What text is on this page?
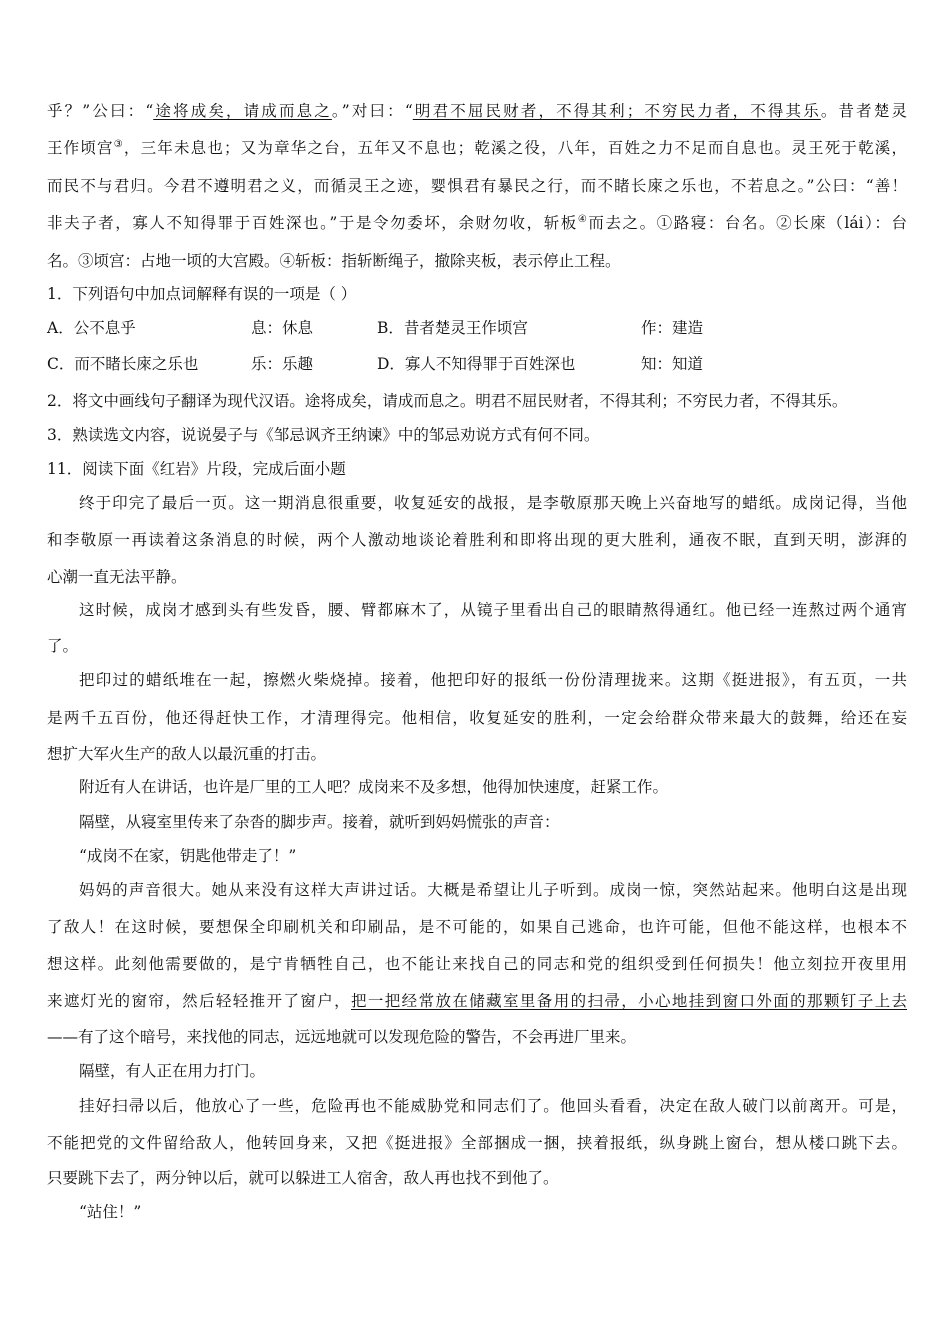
乎？”公曰：“途将成矣，请成而息之。”对曰：“明君不屈民财者，不得其利；不穷民力者，不得其乐。昔者楚灵
王作顷宫③，三年未息也；又为章华之台，五年又不息也；乾溪之役，八年，百姓之力不足而自息也。灵王死于乾溪，
而民不与君归。今君不遵明君之义，而循灵王之迹，婴惧君有暴民之行，而不睹长庲之乐也，不若息之。”公曰：“善！
非夫子者，寡人不知得罪于百姓深也。”于是令勿委坏，余财勿收，斩板④而去之。①路寝：台名。②长庲（lái）：台
名。③顷宫：占地一顷的大宫殿。④斩板：指斩断绳子，撤除夹板，表示停止工程。
1．下列语句中加点词解释有误的一项是（ ）
A．公不息乎	息：休息	B．昔者楚灵王作顷宫	作：建造
C．而不睹长庲之乐也	乐：乐趣	D．寡人不知得罪于百姓深也	知：知道
2．将文中画线句子翻译为现代汉语。途将成矣，请成而息之。明君不屈民财者，不得其利；不穷民力者，不得其乐。
3．熟读选文内容，说说晏子与《邹忌讽齐王纳谏》中的邹忌劝说方式有何不同。
11．阅读下面《红岩》片段，完成后面小题
终于印完了最后一页。这一期消息很重要，收复延安的战报，是李敬原那天晚上兴奋地写的蜡纸。成岗记得，当他
和李敬原一再读着这条消息的时候，两个人激动地谈论着胜利和即将出现的更大胜利，通夜不眠，直到天明，澎湃的
心潮一直无法平静。
这时候，成岗才感到头有些发昏，腰、臂都麻木了，从镜子里看出自己的眼睛熬得通红。他已经一连熬过两个通宵
了。
把印过的蜡纸堆在一起，擦燃火柴烧掉。接着，他把印好的报纸一份份清理拢来。这期《挺进报》，有五页，一共
是两千五百份，他还得赶快工作，才清理得完。他相信，收复延安的胜利，一定会给群众带来最大的鼓舞，给还在妄
想扩大军火生产的敌人以最沉重的打击。
附近有人在讲话，也许是厂里的工人吧？成岗来不及多想，他得加快速度，赶紧工作。
隔壁，从寝室里传来了杂沓的脚步声。接着，就听到妈妈慌张的声音：
“成岗不在家，钥匙他带走了！”
妈妈的声音很大。她从来没有这样大声讲过话。大概是希望让儿子听到。成岗一惊，突然站起来。他明白这是出现
了敌人！在这时候，要想保全印刷机关和印刷品，是不可能的，如果自己逃命，也许可能，但他不能这样，也根本不
想这样。此刻他需要做的，是宁肯牺牲自己，也不能让来找自己的同志和党的组织受到任何损失！他立刻拉开夜里用
来遮灯光的窗帘，然后轻轻推开了窗户，把一把经常放在储藏室里备用的扫帚，小心地挂到窗口外面的那颗钉子上去
——有了这个暗号，来找他的同志，远远地就可以发现危险的警告，不会再进厂里来。
隔壁，有人正在用力打门。
挂好扫帚以后，他放心了一些，危险再也不能威胁党和同志们了。他回头看看，决定在敌人破门以前离开。可是，
不能把党的文件留给敌人，他转回身来，又把《挺进报》全部捆成一捆，挟着报纸，纵身跳上窗台，想从楼口跳下去。
只要跳下去了，两分钟以后，就可以躲进工人宿舍，敌人再也找不到他了。
“站住！”
